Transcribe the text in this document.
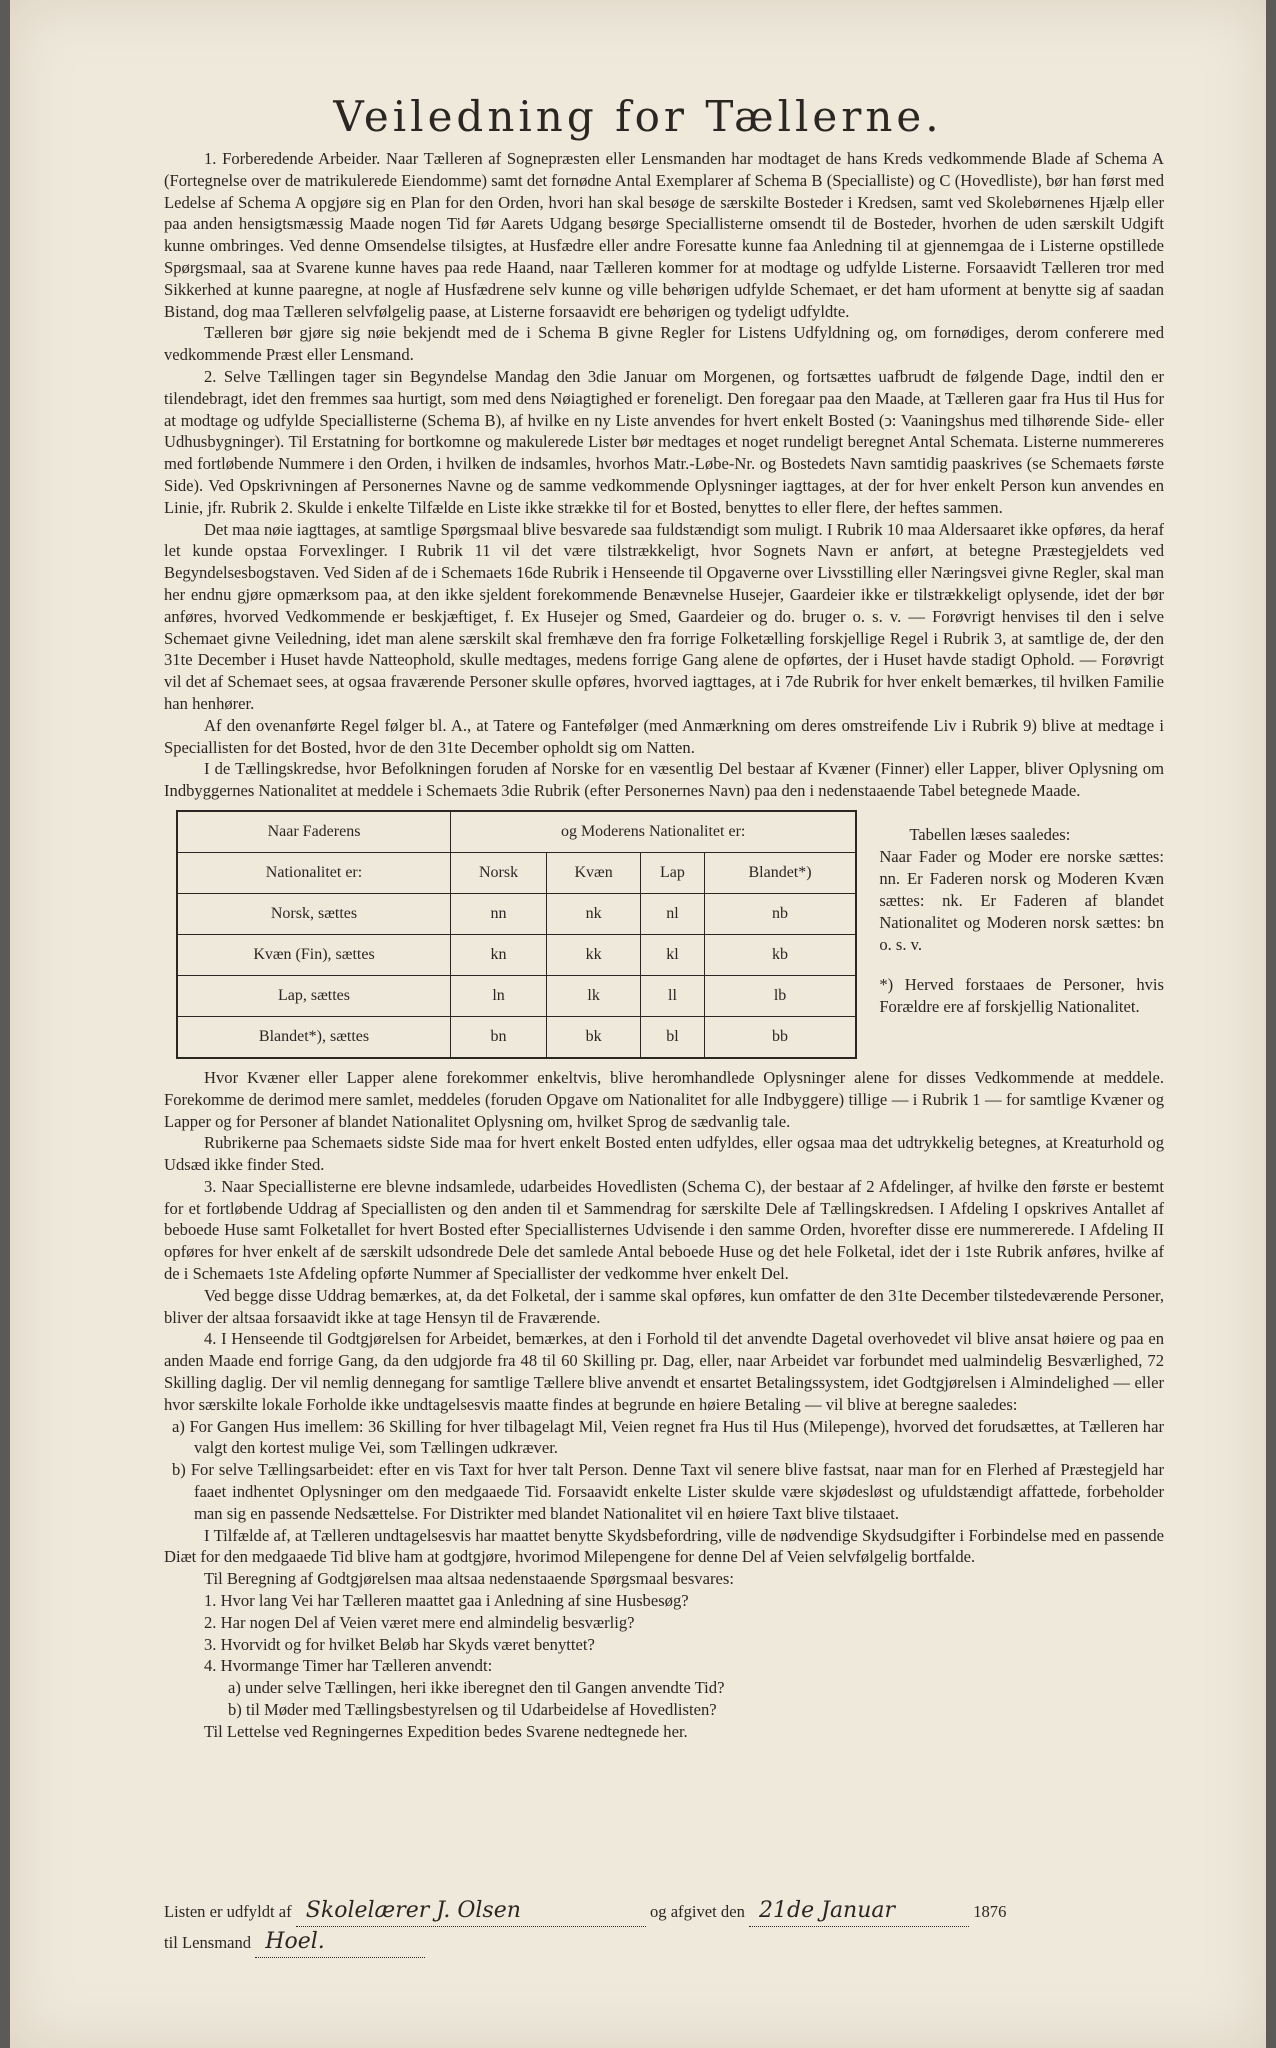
Veiledning for Tællerne.

1. Forberedende Arbeider. Naar Tælleren af Sognepræsten eller Lensmanden har modtaget de hans Kreds vedkommende Blade af Schema A (Fortegnelse over de matrikulerede Eiendomme) samt det fornødne Antal Exemplarer af Schema B (Specialliste) og C (Hovedliste), bør han først med Ledelse af Schema A opgjøre sig en Plan for den Orden, hvori han skal besøge de særskilte Bosteder i Kredsen, samt ved Skolebørnenes Hjælp eller paa anden hensigtsmæssig Maade nogen Tid før Aarets Udgang besørge Speciallisterne omsendt til de Bosteder, hvorhen de uden særskilt Udgift kunne ombringes. Ved denne Omsendelse tilsigtes, at Husfædre eller andre Foresatte kunne faa Anledning til at gjennemgaa de i Listerne opstillede Spørgsmaal, saa at Svarene kunne haves paa rede Haand, naar Tælleren kommer for at modtage og udfylde Listerne. Forsaavidt Tælleren tror med Sikkerhed at kunne paaregne, at nogle af Husfædrene selv kunne og ville behørigen udfylde Schemaet, er det ham uforment at benytte sig af saadan Bistand, dog maa Tælleren selvfølgelig paase, at Listerne forsaavidt ere behørigen og tydeligt udfyldte.

Tælleren bør gjøre sig nøie bekjendt med de i Schema B givne Regler for Listens Udfyldning og, om fornødiges, derom conferere med vedkommende Præst eller Lensmand.

2. Selve Tællingen tager sin Begyndelse Mandag den 3die Januar om Morgenen, og fortsættes uafbrudt de følgende Dage, indtil den er tilendebragt, idet den fremmes saa hurtigt, som med dens Nøiagtighed er foreneligt. Den foregaar paa den Maade, at Tælleren gaar fra Hus til Hus for at modtage og udfylde Speciallisterne (Schema B), af hvilke en ny Liste anvendes for hvert enkelt Bosted (ↄ: Vaaningshus med tilhørende Side- eller Udhusbygninger). Til Erstatning for bortkomne og makulerede Lister bør medtages et noget rundeligt beregnet Antal Schemata. Listerne nummereres med fortløbende Nummere i den Orden, i hvilken de indsamles, hvorhos Matr.-Løbe-Nr. og Bostedets Navn samtidig paaskrives (se Schemaets første Side). Ved Opskrivningen af Personernes Navne og de samme vedkommende Oplysninger iagttages, at der for hver enkelt Person kun anvendes en Linie, jfr. Rubrik 2. Skulde i enkelte Tilfælde en Liste ikke strække til for et Bosted, benyttes to eller flere, der heftes sammen.

Det maa nøie iagttages, at samtlige Spørgsmaal blive besvarede saa fuldstændigt som muligt. I Rubrik 10 maa Aldersaaret ikke opføres, da heraf let kunde opstaa Forvexlinger. I Rubrik 11 vil det være tilstrækkeligt, hvor Sognets Navn er anført, at betegne Præstegjeldets ved Begyndelsesbogstaven. Ved Siden af de i Schemaets 16de Rubrik i Henseende til Opgaverne over Livsstilling eller Næringsvei givne Regler, skal man her endnu gjøre opmærksom paa, at den ikke sjeldent forekommende Benævnelse Husejer, Gaardeier ikke er tilstrækkeligt oplysende, idet der bør anføres, hvorved Vedkommende er beskjæftiget, f. Ex Husejer og Smed, Gaardeier og do. bruger o. s. v. — Forøvrigt henvises til den i selve Schemaet givne Veiledning, idet man alene særskilt skal fremhæve den fra forrige Folketælling forskjellige Regel i Rubrik 3, at samtlige de, der den 31te December i Huset havde Natteophold, skulle medtages, medens forrige Gang alene de opførtes, der i Huset havde stadigt Ophold. — Forøvrigt vil det af Schemaet sees, at ogsaa fraværende Personer skulle opføres, hvorved iagttages, at i 7de Rubrik for hver enkelt bemærkes, til hvilken Familie han henhører.

Af den ovenanførte Regel følger bl. A., at Tatere og Fantefølger (med Anmærkning om deres omstreifende Liv i Rubrik 9) blive at medtage i Speciallisten for det Bosted, hvor de den 31te December opholdt sig om Natten.

I de Tællingskredse, hvor Befolkningen foruden af Norske for en væsentlig Del bestaar af Kvæner (Finner) eller Lapper, bliver Oplysning om Indbyggernes Nationalitet at meddele i Schemaets 3die Rubrik (efter Personernes Navn) paa den i nedenstaaende Tabel betegnede Maade.

Naar Faderens	og Moderens Nationalitet er:			
Nationalitet er:	Norsk	Kvæn	Lap	Blandet*)
Norsk, sættes	nn	nk	nl	nb
Kvæn (Fin), sættes	kn	kk	kl	kb
Lap, sættes	ln	lk	ll	lb
Blandet*), sættes	bn	bk	bl	bb
Tabellen læses saaledes:
Naar Fader og Moder ere norske sættes: nn. Er Faderen norsk og Moderen Kvæn sættes: nk. Er Faderen af blandet Nationalitet og Moderen norsk sættes: bn o. s. v.
*) Herved forstaaes de Personer, hvis Forældre ere af forskjellig Nationalitet.

Hvor Kvæner eller Lapper alene forekommer enkeltvis, blive heromhandlede Oplysninger alene for disses Vedkommende at meddele. Forekomme de derimod mere samlet, meddeles (foruden Opgave om Nationalitet for alle Indbyggere) tillige — i Rubrik 1 — for samtlige Kvæner og Lapper og for Personer af blandet Nationalitet Oplysning om, hvilket Sprog de sædvanlig tale.

Rubrikerne paa Schemaets sidste Side maa for hvert enkelt Bosted enten udfyldes, eller ogsaa maa det udtrykkelig betegnes, at Kreaturhold og Udsæd ikke finder Sted.

3. Naar Speciallisterne ere blevne indsamlede, udarbeides Hovedlisten (Schema C), der bestaar af 2 Afdelinger, af hvilke den første er bestemt for et fortløbende Uddrag af Speciallisten og den anden til et Sammendrag for særskilte Dele af Tællingskredsen. I Afdeling I opskrives Antallet af beboede Huse samt Folketallet for hvert Bosted efter Speciallisternes Udvisende i den samme Orden, hvorefter disse ere nummererede. I Afdeling II opføres for hver enkelt af de særskilt udsondrede Dele det samlede Antal beboede Huse og det hele Folketal, idet der i 1ste Rubrik anføres, hvilke af de i Schemaets 1ste Afdeling opførte Nummer af Speciallister der vedkomme hver enkelt Del.

Ved begge disse Uddrag bemærkes, at, da det Folketal, der i samme skal opføres, kun omfatter de den 31te December tilstedeværende Personer, bliver der altsaa forsaavidt ikke at tage Hensyn til de Fraværende.

4. I Henseende til Godtgjørelsen for Arbeidet, bemærkes, at den i Forhold til det anvendte Dagetal overhovedet vil blive ansat høiere og paa en anden Maade end forrige Gang, da den udgjorde fra 48 til 60 Skilling pr. Dag, eller, naar Arbeidet var forbundet med ualmindelig Besværlighed, 72 Skilling daglig. Der vil nemlig dennegang for samtlige Tællere blive anvendt et ensartet Betalingssystem, idet Godtgjørelsen i Almindelighed — eller hvor særskilte lokale Forholde ikke undtagelsesvis maatte findes at begrunde en høiere Betaling — vil blive at beregne saaledes:

a) For Gangen Hus imellem: 36 Skilling for hver tilbagelagt Mil, Veien regnet fra Hus til Hus (Milepenge), hvorved det forudsættes, at Tælleren har valgt den kortest mulige Vei, som Tællingen udkræver.

b) For selve Tællingsarbeidet: efter en vis Taxt for hver talt Person. Denne Taxt vil senere blive fastsat, naar man for en Flerhed af Præstegjeld har faaet indhentet Oplysninger om den medgaaede Tid. Forsaavidt enkelte Lister skulde være skjødesløst og ufuldstændigt affattede, forbeholder man sig en passende Nedsættelse. For Distrikter med blandet Nationalitet vil en høiere Taxt blive tilstaaet.

I Tilfælde af, at Tælleren undtagelsesvis har maattet benytte Skydsbefordring, ville de nødvendige Skydsudgifter i Forbindelse med en passende Diæt for den medgaaede Tid blive ham at godtgjøre, hvorimod Milepengene for denne Del af Veien selvfølgelig bortfalde.

Til Beregning af Godtgjørelsen maa altsaa nedenstaaende Spørgsmaal besvares:

1. Hvor lang Vei har Tælleren maattet gaa i Anledning af sine Husbesøg?

2. Har nogen Del af Veien været mere end almindelig besværlig?

3. Hvorvidt og for hvilket Beløb har Skyds været benyttet?

4. Hvormange Timer har Tælleren anvendt:

a) under selve Tællingen, heri ikke iberegnet den til Gangen anvendte Tid?

b) til Møder med Tællingsbestyrelsen og til Udarbeidelse af Hovedlisten?

Til Lettelse ved Regningernes Expedition bedes Svarene nedtegnede her.

Listen er udfyldt af Skolelærer J. Olsen	og afgivet den 21de Januar	1876
til Lensmand Hoel.
